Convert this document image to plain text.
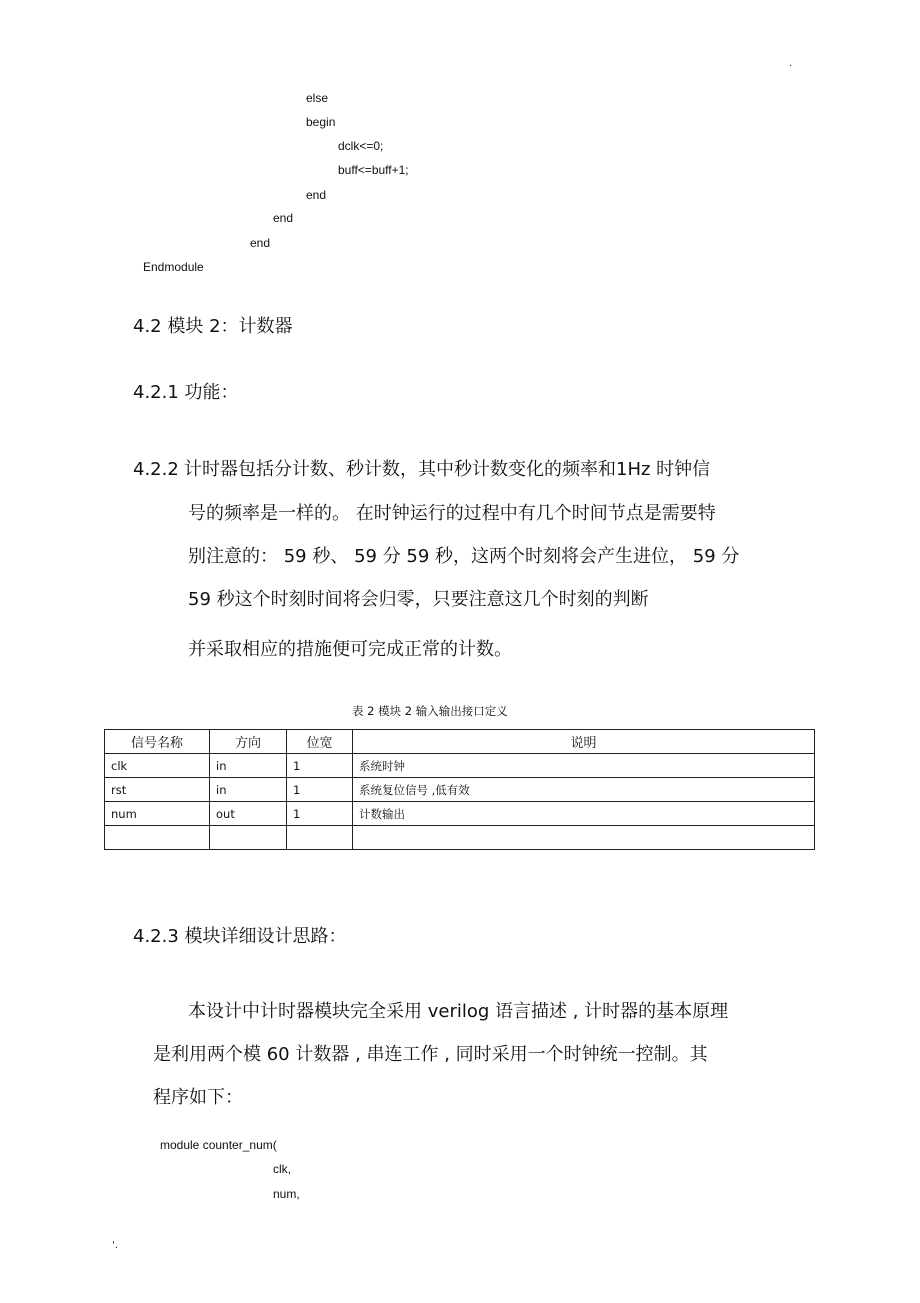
.
else
begin
dclk<=0;
buff<=buff+1;
end
end
end
Endmodule
4.2 模块 2：计数器
4.2.1 功能：
4.2.2 计时器包括分计数、秒计数，其中秒计数变化的频率和1Hz 时钟信
号的频率是一样的。 在时钟运行的过程中有几个时间节点是需要特
别注意的： 59 秒、 59 分 59 秒，这两个时刻将会产生进位， 59 分
59 秒这个时刻时间将会归零，只要注意这几个时刻的判断
并采取相应的措施便可完成正常的计数。
表 2 模块 2 输入输出接口定义
信号名称	方向	位宽	说明
clk	in	1	系统时钟
rst	in	1	系统复位信号 ,低有效
num	out	1	计数输出

4.2.3 模块详细设计思路：
本设计中计时器模块完全采用 verilog 语言描述 , 计时器的基本原理
是利用两个模 60 计数器 , 串连工作 , 同时采用一个时钟统一控制。其
程序如下：
module counter_num(
clk,
num,
'.
